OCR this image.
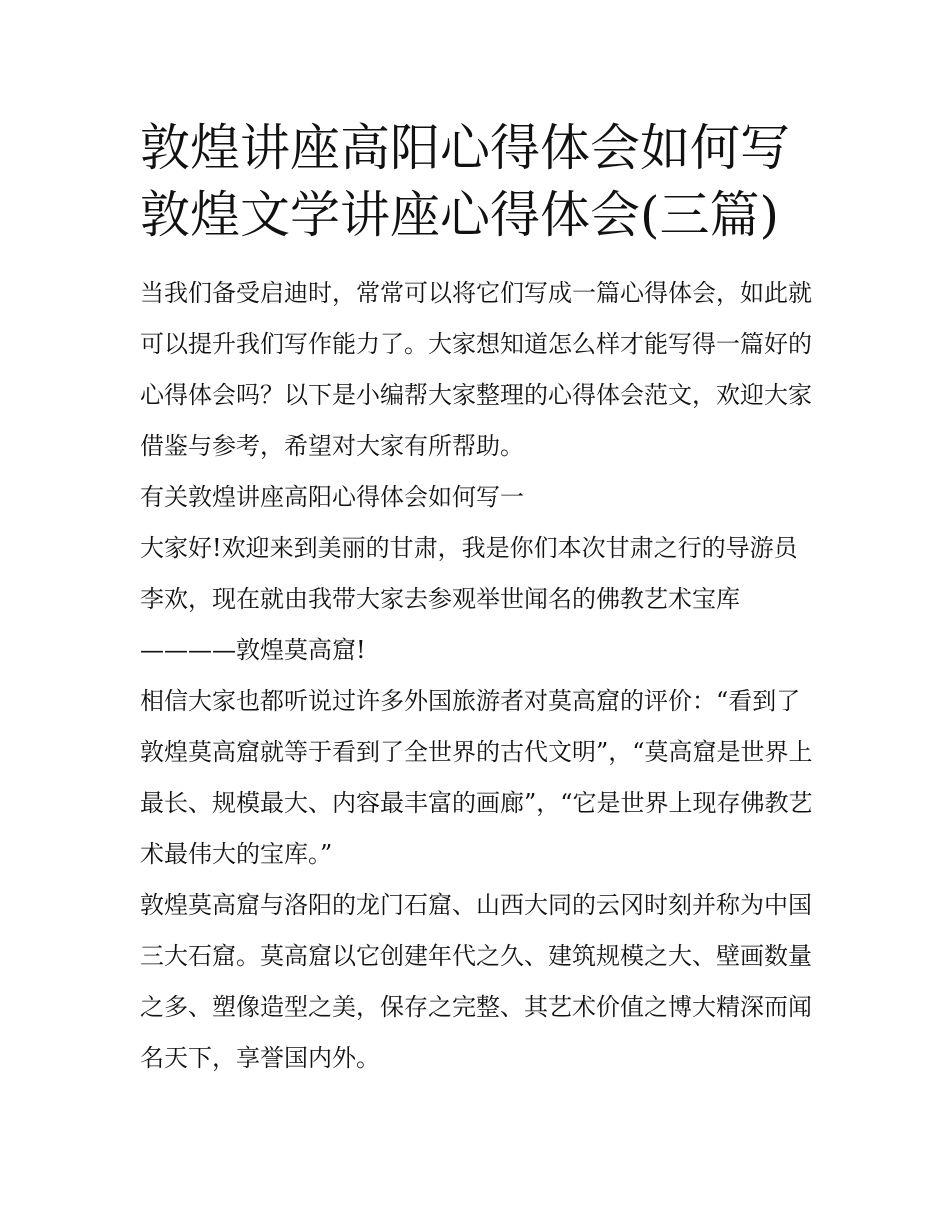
敦煌讲座高阳心得体会如何写
敦煌文学讲座心得体会(三篇)

当我们备受启迪时，常常可以将它们写成一篇心得体会，如此就可以提升我们写作能力了。大家想知道怎么样才能写得一篇好的心得体会吗？以下是小编帮大家整理的心得体会范文，欢迎大家借鉴与参考，希望对大家有所帮助。

有关敦煌讲座高阳心得体会如何写一

大家好!欢迎来到美丽的甘肃，我是你们本次甘肃之行的导游员李欢，现在就由我带大家去参观举世闻名的佛教艺术宝库————敦煌莫高窟!

相信大家也都听说过许多外国旅游者对莫高窟的评价：“看到了敦煌莫高窟就等于看到了全世界的古代文明”，“莫高窟是世界上最长、规模最大、内容最丰富的画廊”，“它是世界上现存佛教艺术最伟大的宝库。”

敦煌莫高窟与洛阳的龙门石窟、山西大同的云冈时刻并称为中国三大石窟。莫高窟以它创建年代之久、建筑规模之大、壁画数量之多、塑像造型之美，保存之完整、其艺术价值之博大精深而闻名天下，享誉国内外。
